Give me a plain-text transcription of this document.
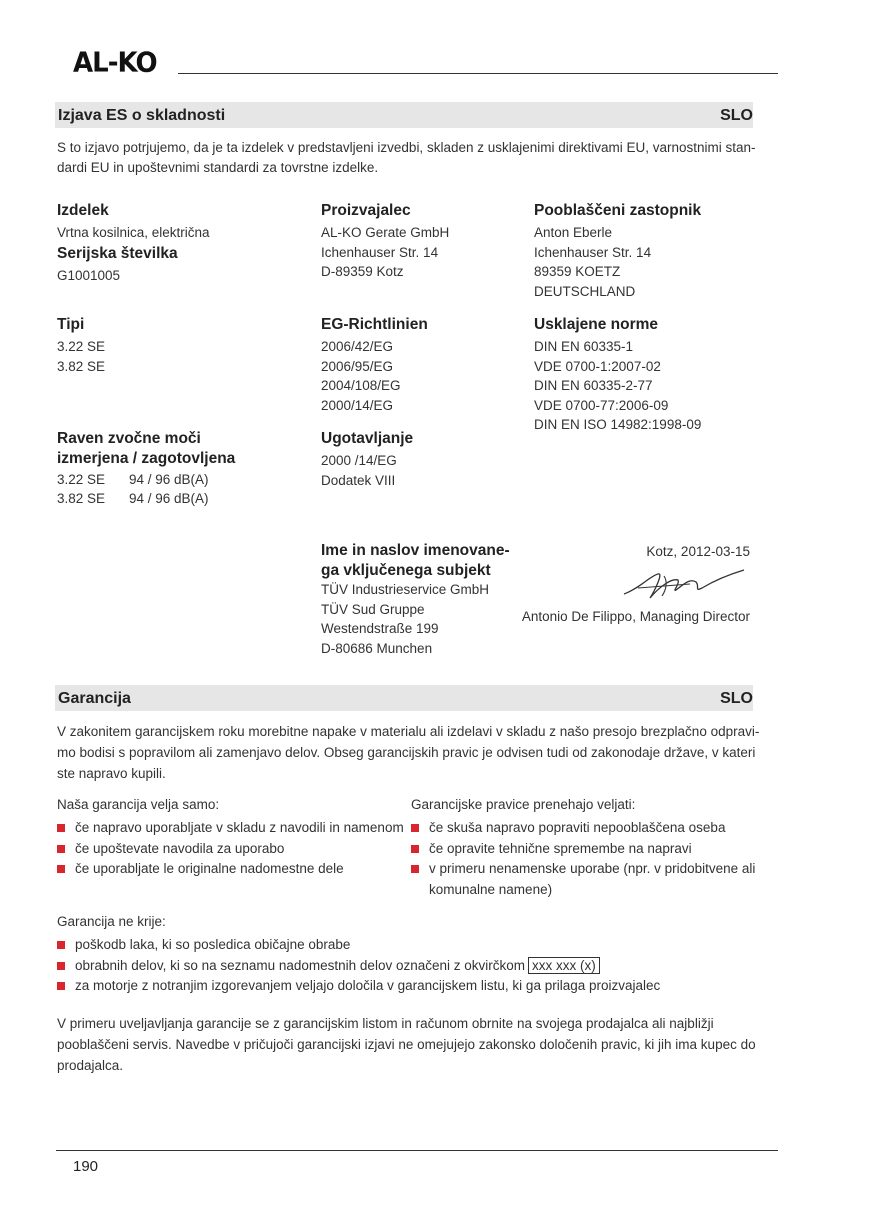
AL-KO
Izjava ES o skladnosti	SLO
S to izjavo potrjujemo, da je ta izdelek v predstavljeni izvedbi, skladen z usklajenimi direktivami EU, varnostnimi stan-
dardi EU in upoštevnimi standardi za tovrstne izdelke.
Izdelek
Vrtna kosilnica, električna
Serijska številka
G1001005
Tipi
3.22 SE
3.82 SE
Raven zvočne moči
izmerjena / zagotovljena
3.22 SE 94 / 96 dB(A)
3.82 SE 94 / 96 dB(A)
Proizvajalec
AL-KO Gerate GmbH
Ichenhauser Str. 14
D-89359 Kotz
EG-Richtlinien
2006/42/EG
2006/95/EG
2004/108/EG
2000/14/EG
Ugotavljanje
2000 /14/EG
Dodatek VIII
Ime in naslov imenovane-
ga vključenega subjekt
TÜV Industrieservice GmbH
TÜV Sud Gruppe
Westendstraße 199
D-80686 Munchen
Pooblaščeni zastopnik
Anton Eberle
Ichenhauser Str. 14
89359 KOETZ
DEUTSCHLAND
Usklajene norme
DIN EN 60335-1
VDE 0700-1:2007-02
DIN EN 60335-2-77
VDE 0700-77:2006-09
DIN EN ISO 14982:1998-09
Kotz, 2012-03-15
Antonio De Filippo, Managing Director
Garancija	SLO
V zakonitem garancijskem roku morebitne napake v materialu ali izdelavi v skladu z našo presojo brezplačno odpravi-
mo bodisi s popravilom ali zamenjavo delov. Obseg garancijskih pravic je odvisen tudi od zakonodaje države, v kateri
ste napravo kupili.
Naša garancija velja samo:
če napravo uporabljate v skladu z navodili in namenom
če upoštevate navodila za uporabo
če uporabljate le originalne nadomestne dele
Garancijske pravice prenehajo veljati:
če skuša napravo popraviti nepooblaščena oseba
če opravite tehnične spremembe na napravi
v primeru nenamenske uporabe (npr. v pridobitvene ali
komunalne namene)
Garancija ne krije:
poškodb laka, ki so posledica običajne obrabe
obrabnih delov, ki so na seznamu nadomestnih delov označeni z okvirčkom xxx xxx (x)
za motorje z notranjim izgorevanjem veljajo določila v garancijskem listu, ki ga prilaga proizvajalec
V primeru uveljavljanja garancije se z garancijskim listom in računom obrnite na svojega prodajalca ali najbližji
pooblaščeni servis. Navedbe v pričujoči garancijski izjavi ne omejujejo zakonsko določenih pravic, ki jih ima kupec do
prodajalca.
190
